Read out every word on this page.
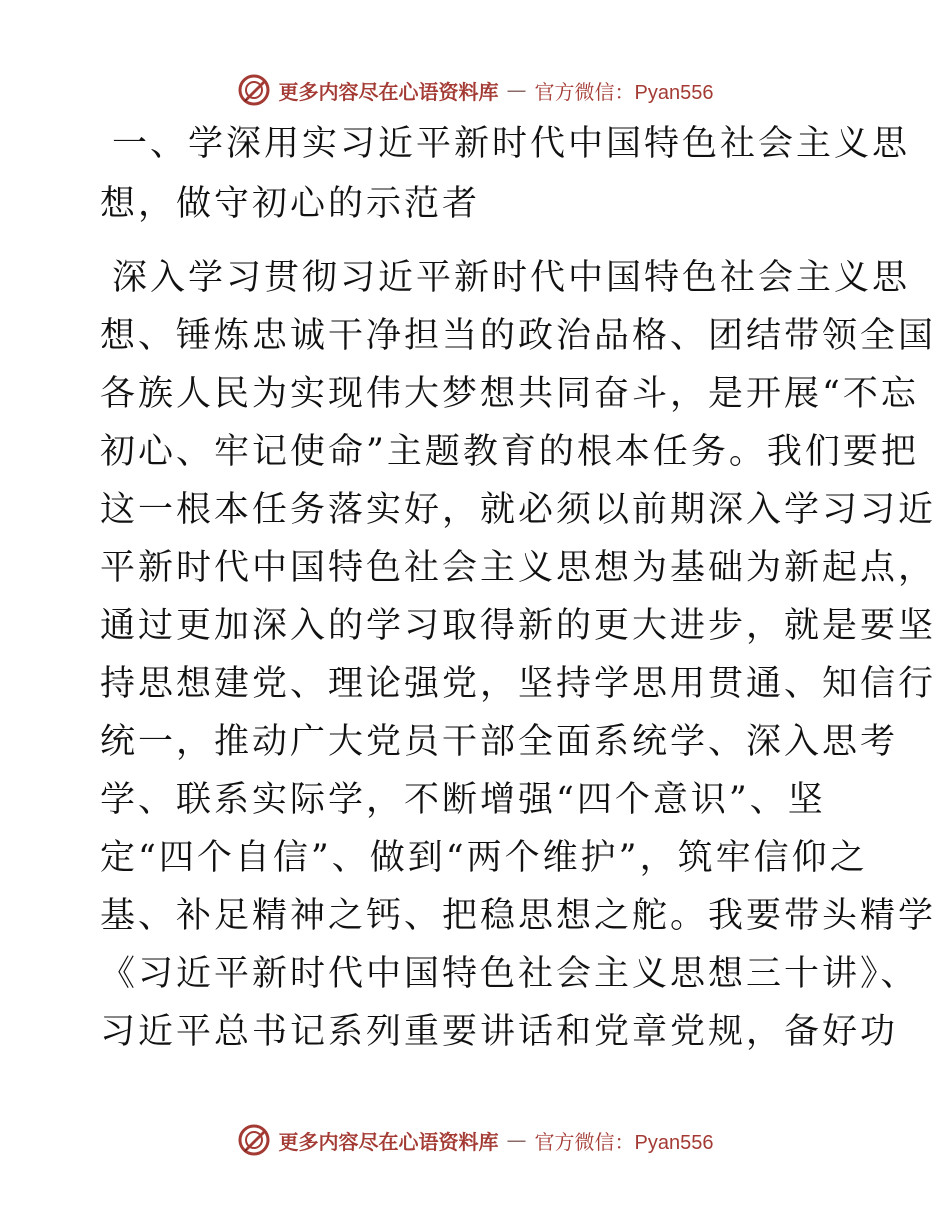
更多内容尽在心语资料库 — 官方微信：Pyan556
一、学深用实习近平新时代中国特色社会主义思
想，做守初心的示范者
深入学习贯彻习近平新时代中国特色社会主义思
想、锤炼忠诚干净担当的政治品格、团结带领全国
各族人民为实现伟大梦想共同奋斗，是开展“不忘
初心、牢记使命”主题教育的根本任务。我们要把
这一根本任务落实好，就必须以前期深入学习习近
平新时代中国特色社会主义思想为基础为新起点，
通过更加深入的学习取得新的更大进步，就是要坚
持思想建党、理论强党，坚持学思用贯通、知信行
统一，推动广大党员干部全面系统学、深入思考
学、联系实际学，不断增强“四个意识”、坚
定“四个自信”、做到“两个维护”，筑牢信仰之
基、补足精神之钙、把稳思想之舵。我要带头精学
《习近平新时代中国特色社会主义思想三十讲》、
习近平总书记系列重要讲话和党章党规，备好功
更多内容尽在心语资料库 — 官方微信：Pyan556
